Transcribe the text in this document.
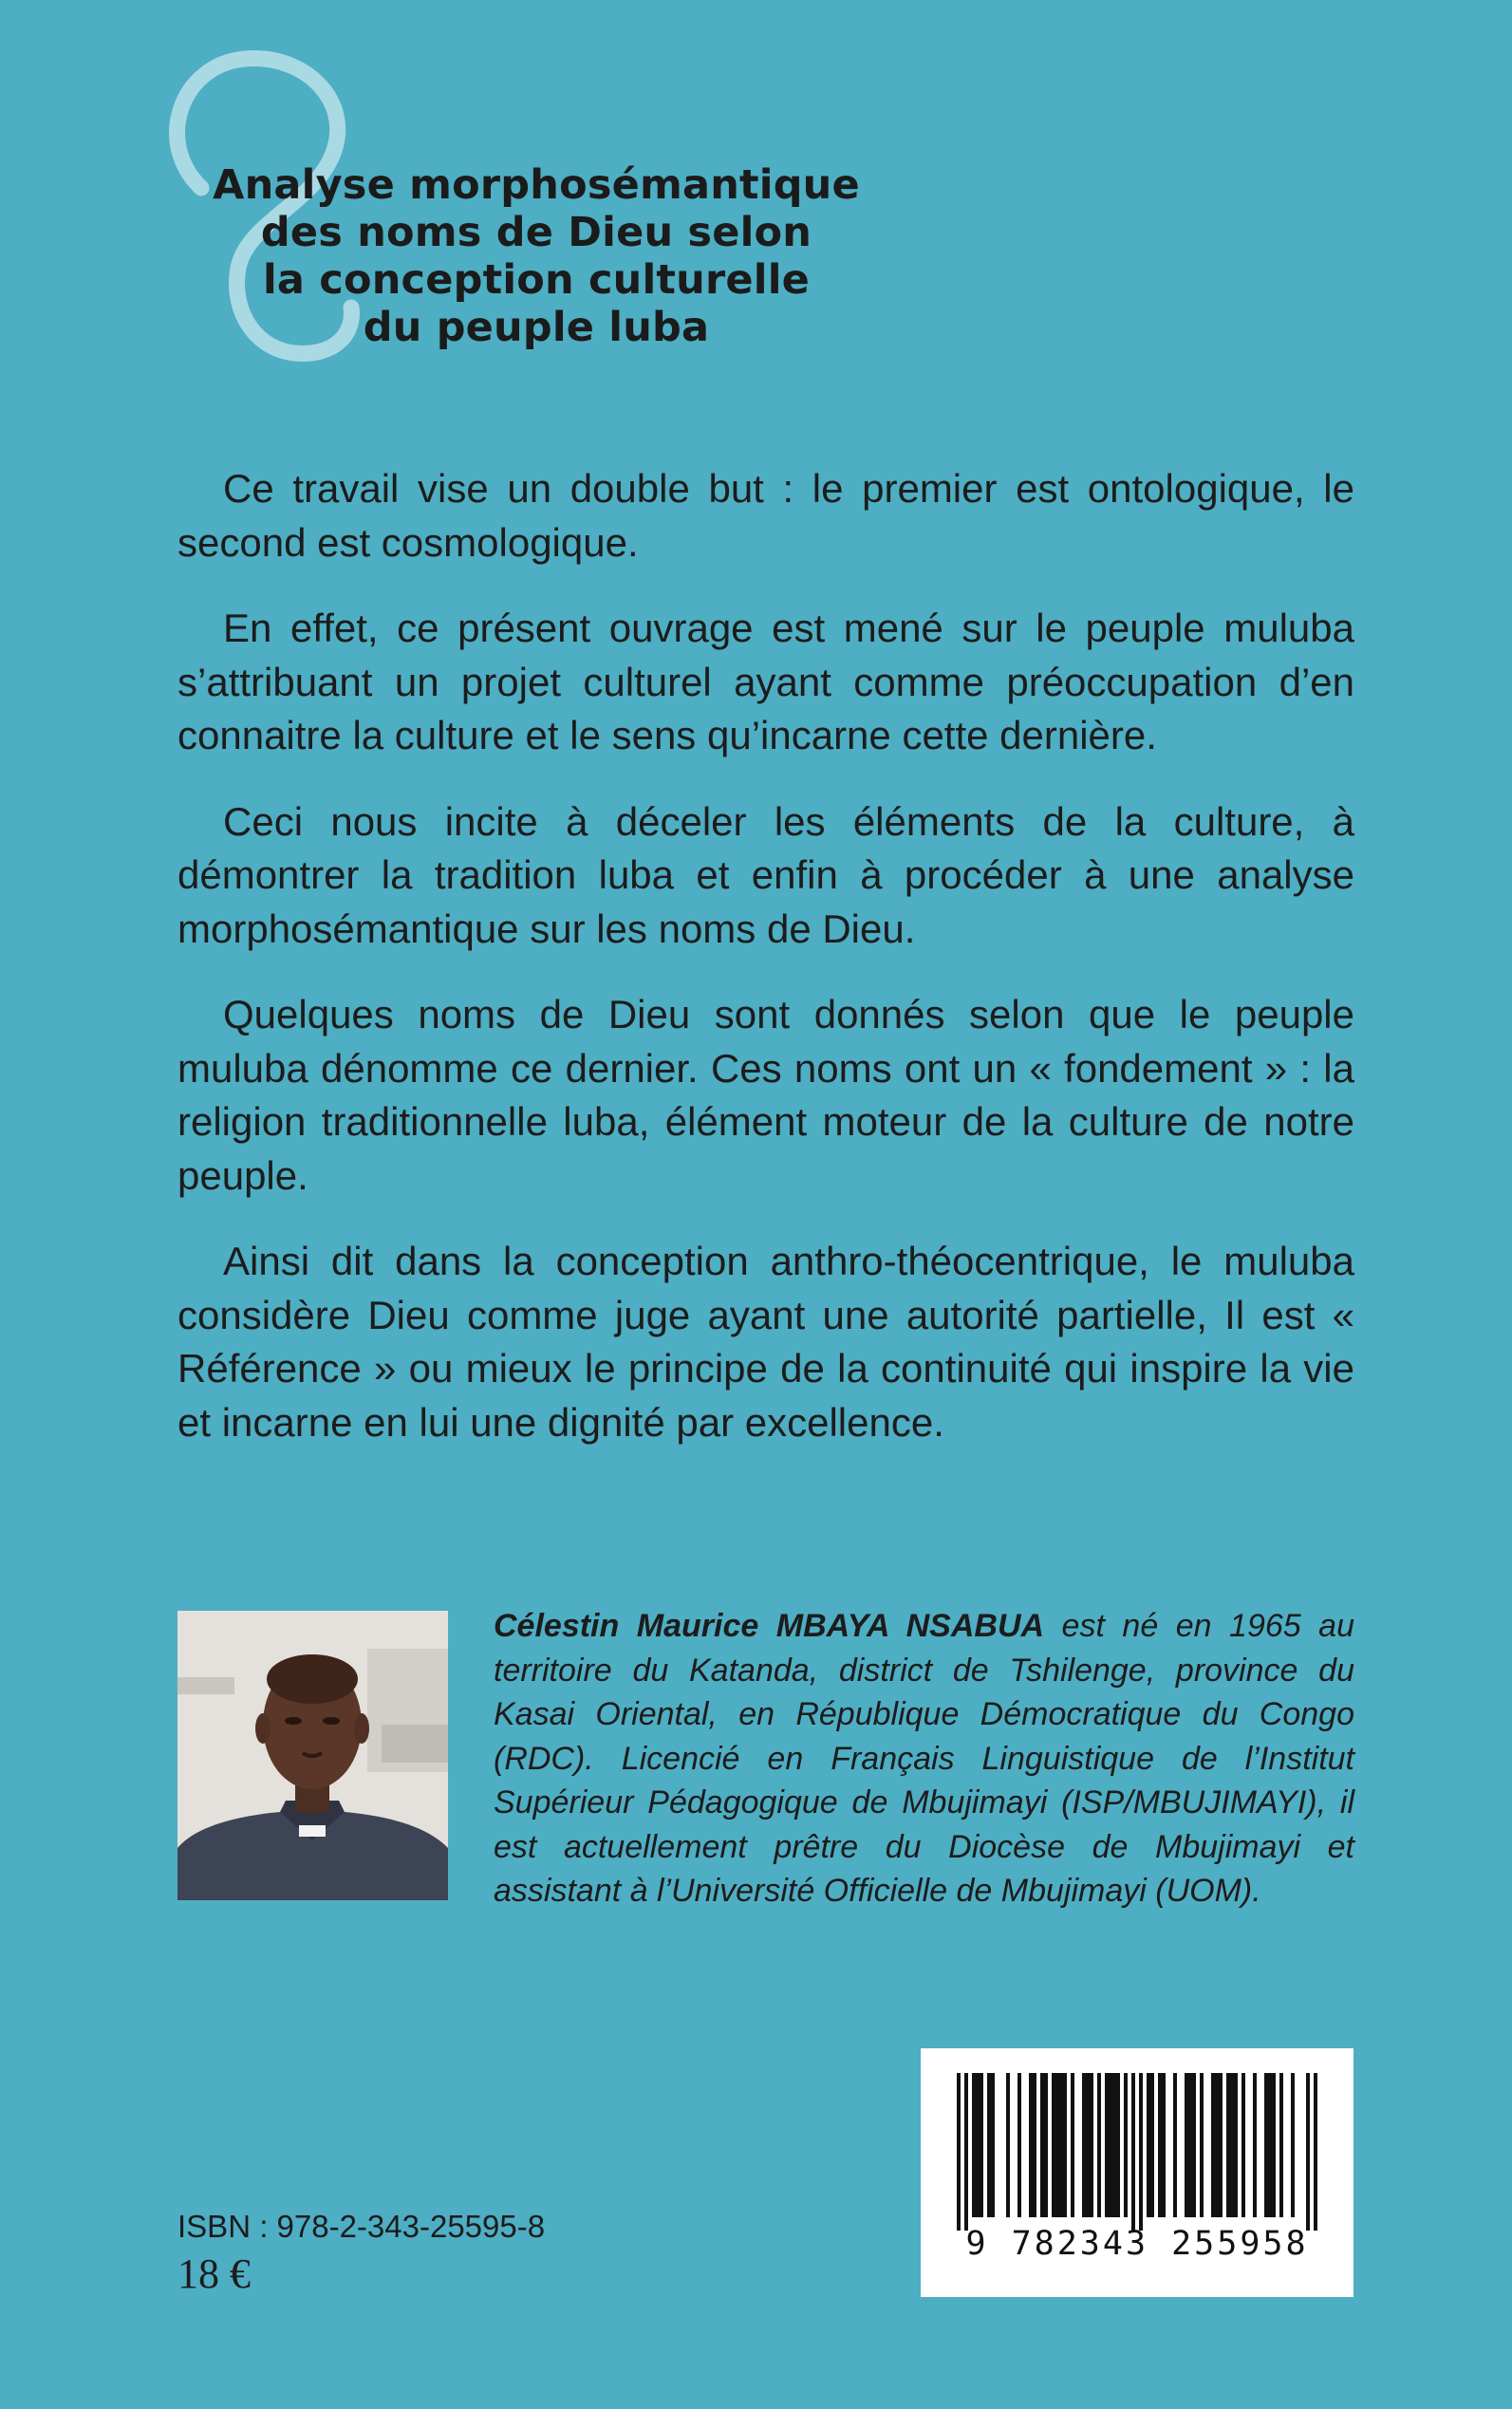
Analyse morphosémantique
des noms de Dieu selon
la conception culturelle
du peuple luba

Ce travail vise un double but : le premier est ontologique, le second est cosmologique.

En effet, ce présent ouvrage est mené sur le peuple muluba s’attribuant un projet culturel ayant comme préoccupation d’en connaitre la culture et le sens qu’incarne cette dernière.

Ceci nous incite à déceler les éléments de la culture, à démontrer la tradition luba et enfin à procéder à une analyse morphosémantique sur les noms de Dieu.

Quelques noms de Dieu sont donnés selon que le peuple muluba dénomme ce dernier. Ces noms ont un « fondement » : la religion traditionnelle luba, élément moteur de la culture de notre peuple.

Ainsi dit dans la conception anthro-théocentrique, le muluba considère Dieu comme juge ayant une autorité partielle, Il est « Référence » ou mieux le principe de la continuité qui inspire la vie et incarne en lui une dignité par excellence.

Célestin Maurice MBAYA NSABUA est né en 1965 au territoire du Katanda, district de Tshilenge, province du Kasai Oriental, en République Démocratique du Congo (RDC). Licencié en Français Linguistique de l’Institut Supérieur Pédagogique de Mbujimayi (ISP/MBUJIMAYI), il est actuellement prêtre du Diocèse de Mbujimayi et assistant à l’Université Officielle de Mbujimayi (UOM).
9 782343 255958
ISBN : 978-2-343-25595-8
18 €
